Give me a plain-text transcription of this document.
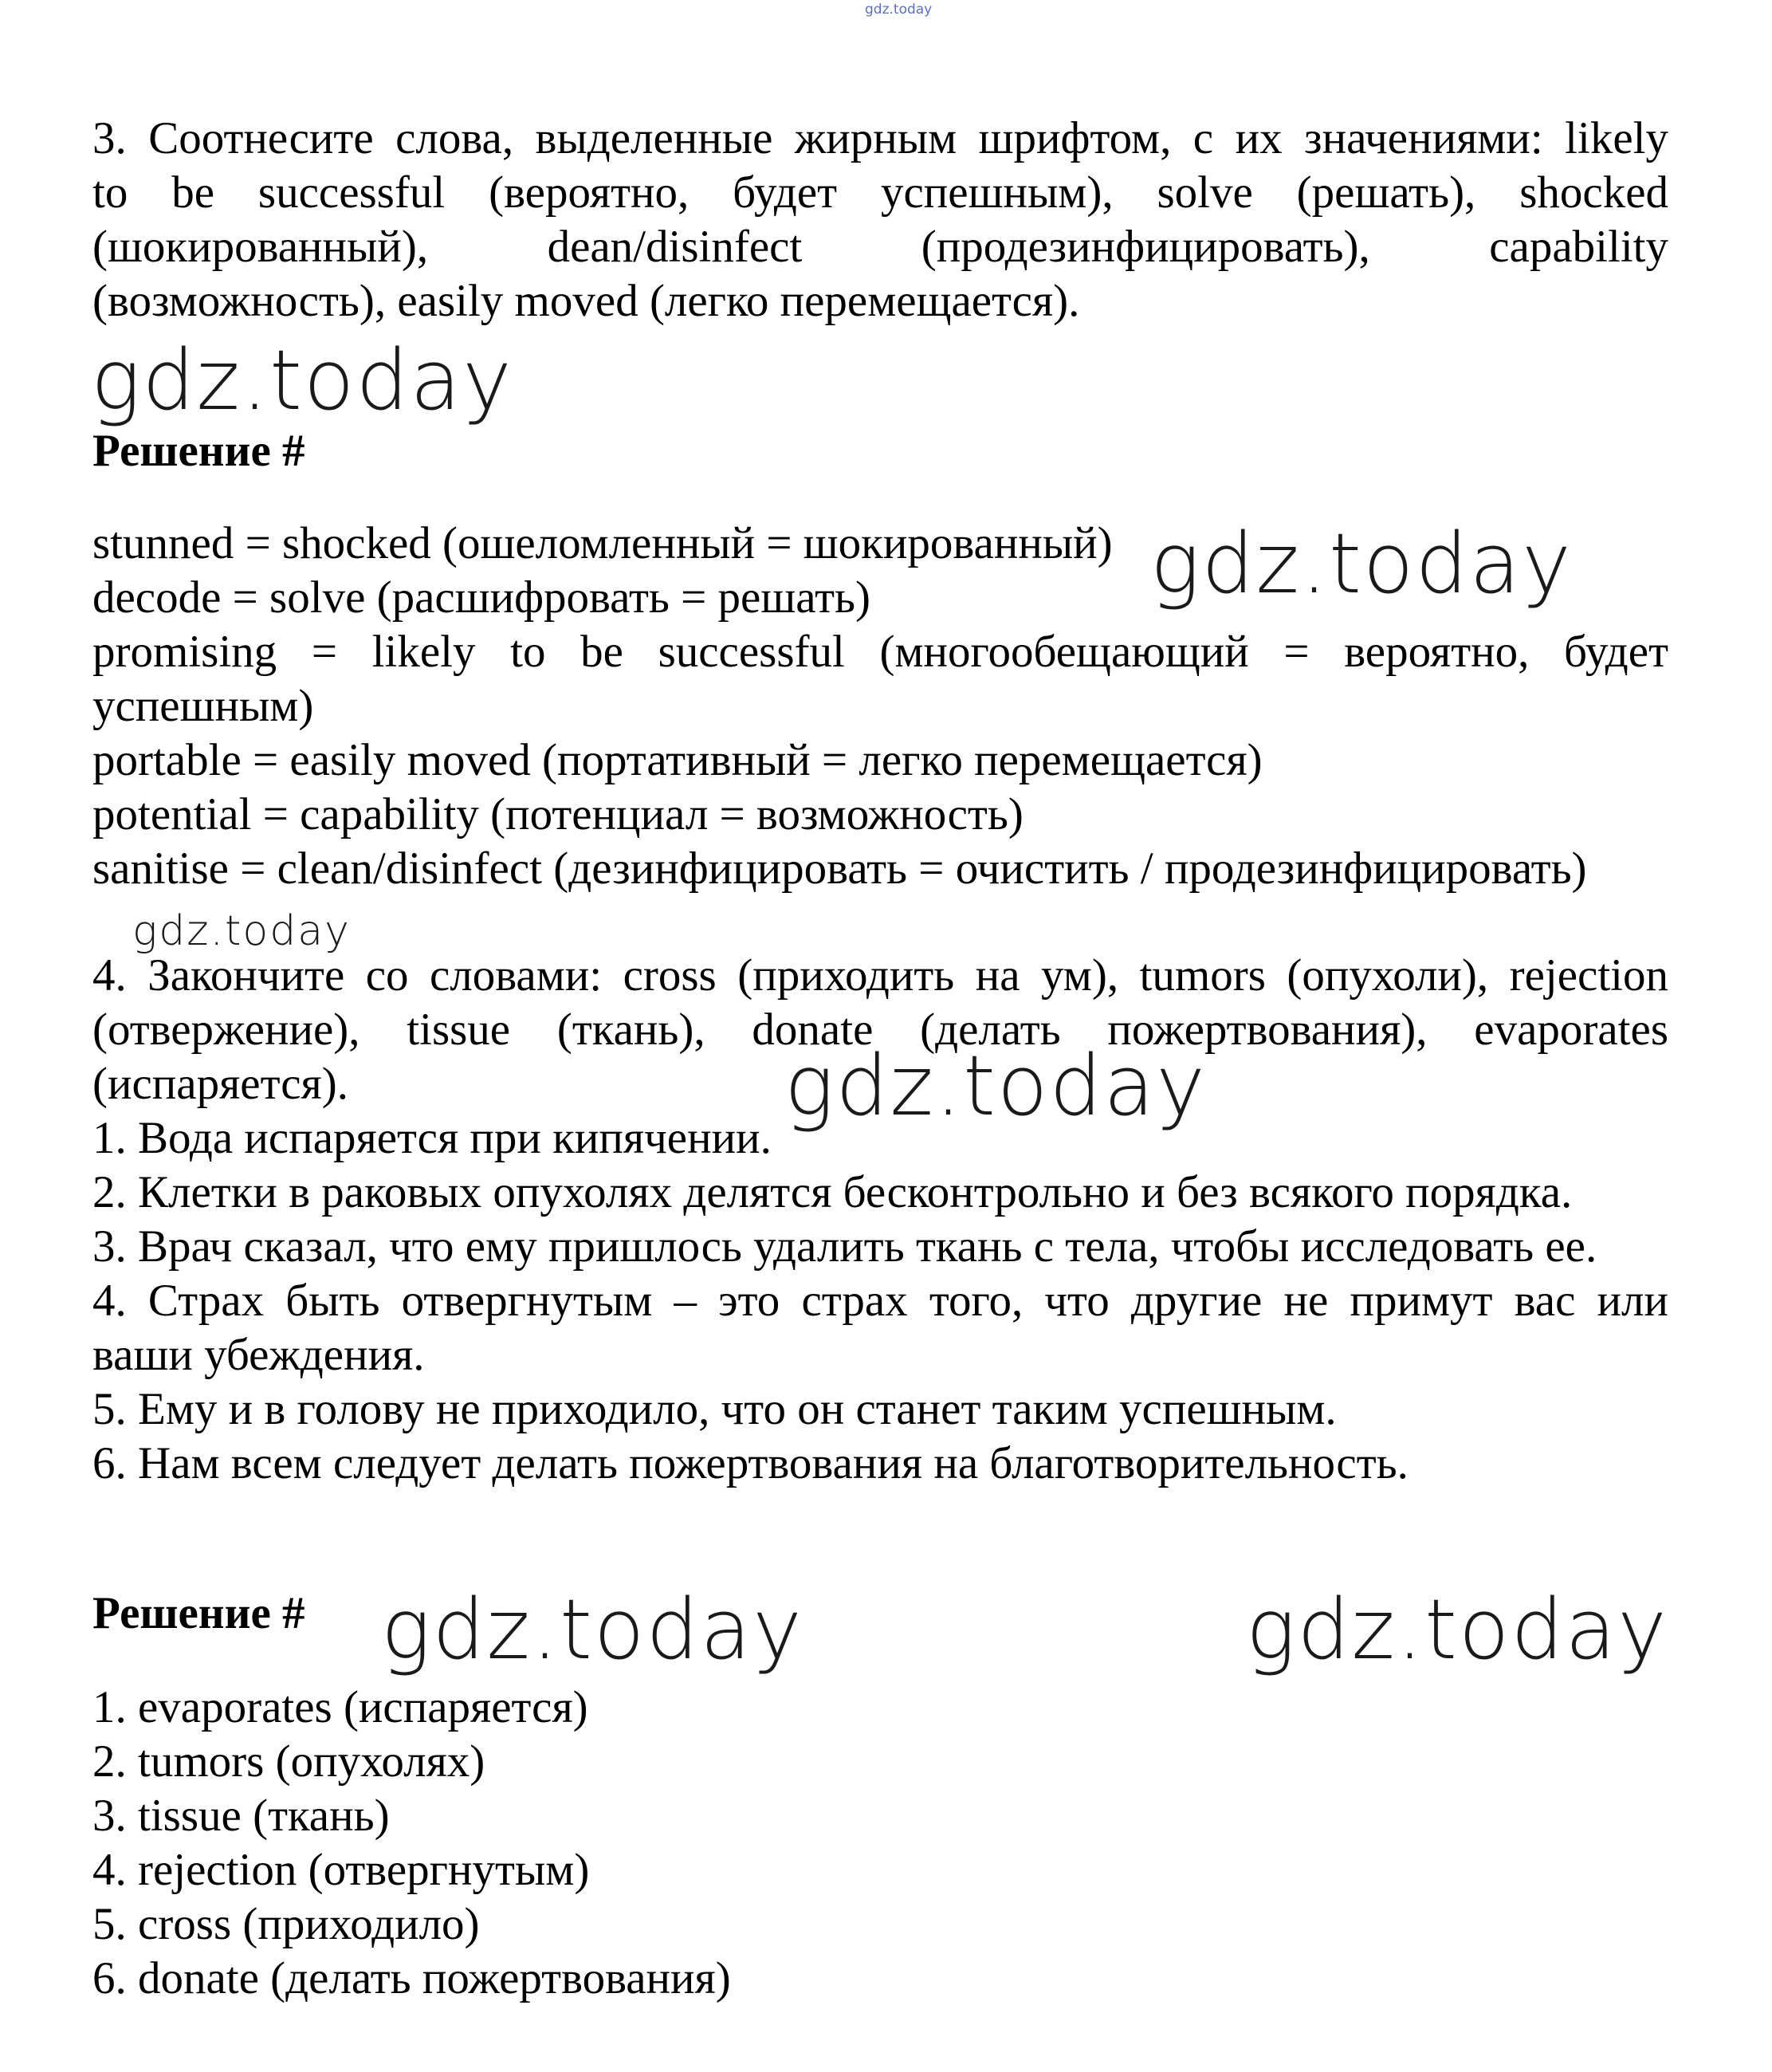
gdz.today

3. Соотнесите слова, выделенные жирным шрифтом, с их значениями: likely

to be successful (вероятно, будет успешным), solve (решать), shocked

(шокированный), dean/disinfect (продезинфицировать), capability

(возможность), easily moved (легко перемещается).

gdz.today

Решение #

stunned = shocked (ошеломленный = шокированный)

decode = solve (расшифровать = решать)

promising = likely to be successful (многообещающий = вероятно, будет

успешным)

portable = easily moved (портативный = легко перемещается)

potential = capability (потенциал = возможность)

sanitise = clean/disinfect (дезинфицировать = очистить / продезинфицировать)

gdz.today
gdz.today

4. Закончите со словами: cross (приходить на ум), tumors (опухоли), rejection

(отвержение), tissue (ткань), donate (делать пожертвования), evaporates

(испаряется).

1. Вода испаряется при кипячении.

2. Клетки в раковых опухолях делятся бесконтрольно и без всякого порядка.

3. Врач сказал, что ему пришлось удалить ткань с тела, чтобы исследовать ее.

4. Страх быть отвергнутым – это страх того, что другие не примут вас или

ваши убеждения.

5. Ему и в голову не приходило, что он станет таким успешным.

6. Нам всем следует делать пожертвования на благотворительность.

gdz.today

Решение # gdz.today	gdz.today

1. evaporates (испаряется)

2. tumors (опухолях)

3. tissue (ткань)

4. rejection (отвергнутым)

5. cross (приходило)

6. donate (делать пожертвования)
